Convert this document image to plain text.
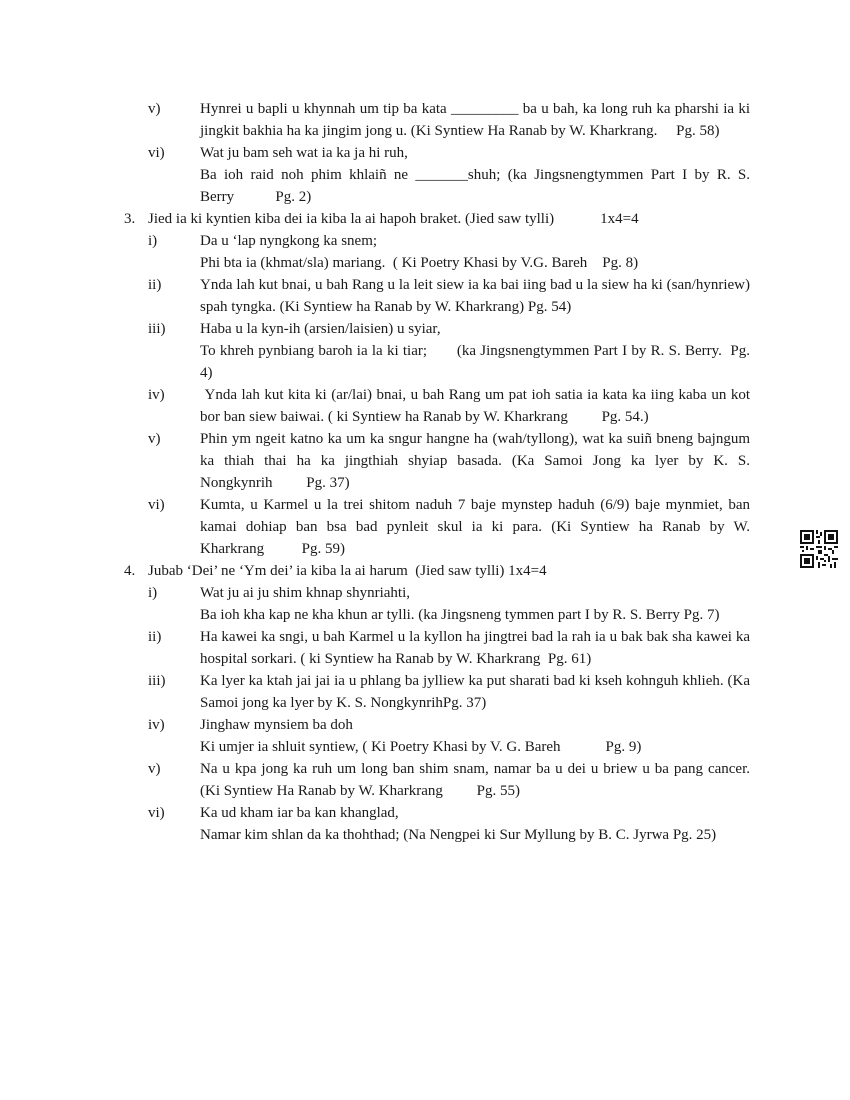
v)	Hynrei u bapli u khynnah um tip ba kata _________ ba u bah, ka long ruh ka pharshi ia ki jingkit bakhia ha ka jingim jong u. (Ki Syntiew Ha Ranab by W. Kharkrang.     Pg. 58)
vi)	Wat ju bam seh wat ia ka ja hi ruh,
Ba ioh raid noh phim khlaiñ ne _______shuh; (ka Jingsnengtymmen Part I by R. S. Berry           Pg. 2)
3. Jied ia ki kyntien kiba dei ia kiba la ai hapoh braket. (Jied saw tylli)	1x4=4
i)	Da u ‘lap nyngkong ka snem;
Phi bta ia (khmat/sla) mariang.  ( Ki Poetry Khasi by V.G. Bareh    Pg. 8)
ii)	Ynda lah kut bnai, u bah Rang u la leit siew ia ka bai iing bad u la siew ha ki (san/hynriew) spah tyngka. (Ki Syntiew ha Ranab by W. Kharkrang) Pg. 54)
iii)	Haba u la kyn-ih (arsien/laisien) u syiar,
To khreh pynbiang baroh ia la ki tiar;       (ka Jingsnengtymmen Part I by R. S. Berry.  Pg. 4)
iv)	Ynda lah kut kita ki (ar/lai) bnai, u bah Rang um pat ioh satia ia kata ka iing kaba un kot bor ban siew baiwai. ( ki Syntiew ha Ranab by W. Kharkrang         Pg. 54.)
v)	Phin ym ngeit katno ka um ka sngur hangne ha (wah/tyllong), wat ka suiñ bneng bajngum ka thiah thai ha ka jingthiah shyiap basada. (Ka Samoi Jong ka lyer by K. S. Nongkynrih         Pg. 37)
vi)	Kumta, u Karmel u la trei shitom naduh 7 baje mynstep haduh (6/9) baje mynmiet, ban kamai dohiap ban bsa bad pynleit skul ia ki para. (Ki Syntiew ha Ranab by W. Kharkrang          Pg. 59)
4. Jubab ‘Dei’ ne ‘Ym dei’ ia kiba la ai harum  (Jied saw tylli) 1x4=4
i)	Wat ju ai ju shim khnap shynriahti,
Ba ioh kha kap ne kha khun ar tylli. (ka Jingsneng tymmen part I by R. S. Berry Pg. 7)
ii)	Ha kawei ka sngi, u bah Karmel u la kyllon ha jingtrei bad la rah ia u bak bak sha kawei ka hospital sorkari. ( ki Syntiew ha Ranab by W. Kharkrang  Pg. 61)
iii)	Ka lyer ka ktah jai jai ia u phlang ba jylliew ka put sharati bad ki kseh kohnguh khlieh. (Ka Samoi jong ka lyer by K. S. NongkynrihPg. 37)
iv)	Jinghaw mynsiem ba doh
Ki umjer ia shluit syntiew, ( Ki Poetry Khasi by V. G. Bareh            Pg. 9)
v)	Na u kpa jong ka ruh um long ban shim snam, namar ba u dei u briew u ba pang cancer. (Ki Syntiew Ha Ranab by W. Kharkrang         Pg. 55)
vi)	Ka ud kham iar ba kan khanglad,
Namar kim shlan da ka thohthad; (Na Nengpei ki Sur Myllung by B. C. Jyrwa Pg. 25)
